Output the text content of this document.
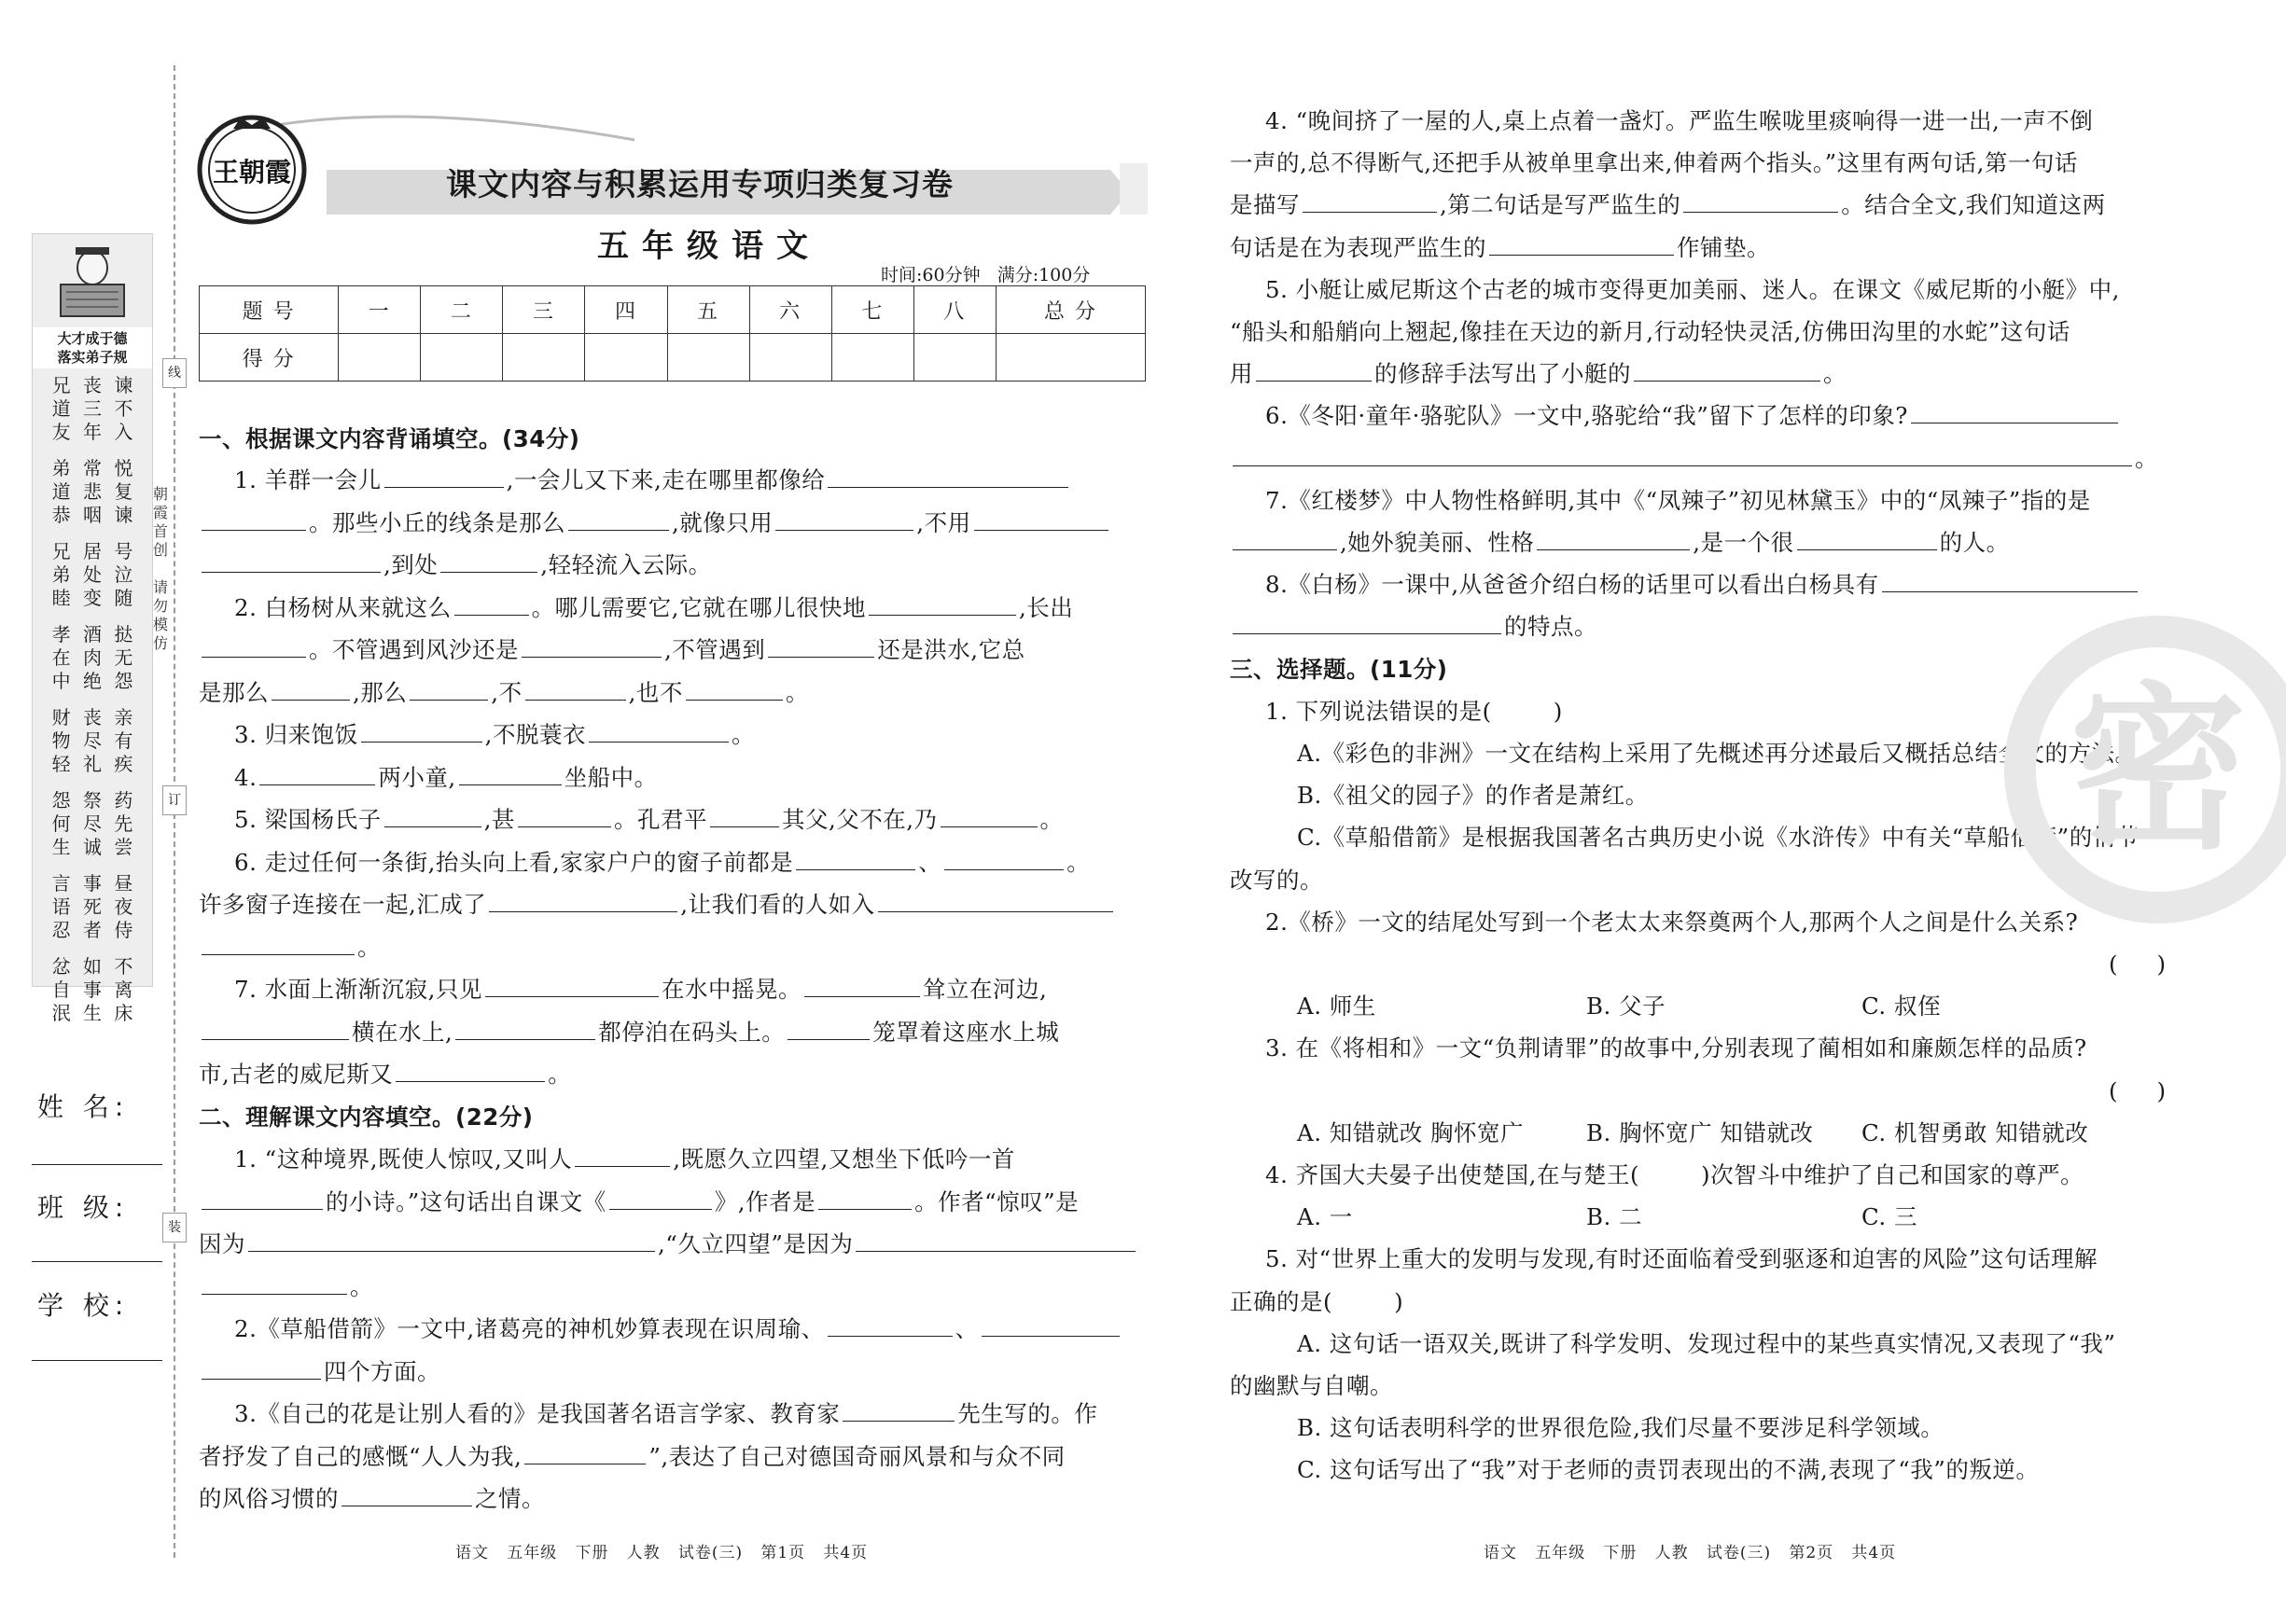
线
订
装
朝霞首创
请勿模仿
大才成于德
落实弟子规
兄道友
弟道恭
兄弟睦
孝在中
财物轻
怨何生
言语忍
忿自泯
丧三年
常悲咽
居处变
酒肉绝
丧尽礼
祭尽诚
事死者
如事生
谏不入
悦复谏
号泣随
挞无怨
亲有疾
药先尝
昼夜侍
不离床
姓 名:
班 级:
学 校:
王朝霞	课文内容与积累运用专项归类复习卷
五年级语文
时间:60分钟   满分:100分
题 号	一	二	三	四	五	六	七	八	总 分
得 分									
一、根据课文内容背诵填空。(34分)
1. 羊群一会儿	,一会儿又下来,走在哪里都像给
。那些小丘的线条是那么	,就像只用	,不用
,到处	,轻轻流入云际。
2. 白杨树从来就这么	。哪儿需要它,它就在哪儿很快地	,长出
。不管遇到风沙还是	,不管遇到	还是洪水,它总
是那么	,那么	,不	,也不	。
3. 归来饱饭	,不脱蓑衣	。
4.	两小童,	坐船中。
5. 梁国杨氏子	,甚	。孔君平	其父,父不在,乃	。
6. 走过任何一条街,抬头向上看,家家户户的窗子前都是	、	。
许多窗子连接在一起,汇成了	,让我们看的人如入
。
7. 水面上渐渐沉寂,只见	在水中摇晃。	耸立在河边,
横在水上,	都停泊在码头上。	笼罩着这座水上城
市,古老的威尼斯又	。
二、理解课文内容填空。(22分)
1. “这种境界,既使人惊叹,又叫人	,既愿久立四望,又想坐下低吟一首
的小诗。”这句话出自课文《	》,作者是	。作者“惊叹”是
因为	,“久立四望”是因为
。
2.《草船借箭》一文中,诸葛亮的神机妙算表现在识周瑜、	、
四个方面。
3.《自己的花是让别人看的》是我国著名语言学家、教育家	先生写的。作
者抒发了自己的感慨“人人为我,	”,表达了自己对德国奇丽风景和与众不同
的风俗习惯的	之情。
4. “晚间挤了一屋的人,桌上点着一盏灯。严监生喉咙里痰响得一进一出,一声不倒
一声的,总不得断气,还把手从被单里拿出来,伸着两个指头。”这里有两句话,第一句话
是描写	,第二句话是写严监生的	。结合全文,我们知道这两
句话是在为表现严监生的	作铺垫。
5. 小艇让威尼斯这个古老的城市变得更加美丽、迷人。在课文《威尼斯的小艇》中,
“船头和船艄向上翘起,像挂在天边的新月,行动轻快灵活,仿佛田沟里的水蛇”这句话
用	的修辞手法写出了小艇的	。
6.《冬阳·童年·骆驼队》一文中,骆驼给“我”留下了怎样的印象?
。
7.《红楼梦》中人物性格鲜明,其中《“凤辣子”初见林黛玉》中的“凤辣子”指的是
,她外貌美丽、性格	,是一个很	的人。
8.《白杨》一课中,从爸爸介绍白杨的话里可以看出白杨具有
的特点。
三、选择题。(11分)
1. 下列说法错误的是(	)
A.《彩色的非洲》一文在结构上采用了先概述再分述最后又概括总结全文的方法。
B.《祖父的园子》的作者是萧红。
C.《草船借箭》是根据我国著名古典历史小说《水浒传》中有关“草船借箭”的情节
改写的。
2.《桥》一文的结尾处写到一个老太太来祭奠两个人,那两个人之间是什么关系?
(     )
A. 师生	B. 父子	C. 叔侄
3. 在《将相和》一文“负荆请罪”的故事中,分别表现了蔺相如和廉颇怎样的品质?
(     )
A. 知错就改 胸怀宽广	B. 胸怀宽广 知错就改 C. 机智勇敢 知错就改
4. 齐国大夫晏子出使楚国,在与楚王(	)次智斗中维护了自己和国家的尊严。
A. 一	B. 二	C. 三
5. 对“世界上重大的发明与发现,有时还面临着受到驱逐和迫害的风险”这句话理解
正确的是(	)
A. 这句话一语双关,既讲了科学发明、发现过程中的某些真实情况,又表现了“我”
的幽默与自嘲。
B. 这句话表明科学的世界很危险,我们尽量不要涉足科学领域。
C. 这句话写出了“我”对于老师的责罚表现出的不满,表现了“我”的叛逆。
密
语文   五年级   下册   人教   试卷(三)   第1页   共4页	语文   五年级   下册   人教   试卷(三)   第2页   共4页
